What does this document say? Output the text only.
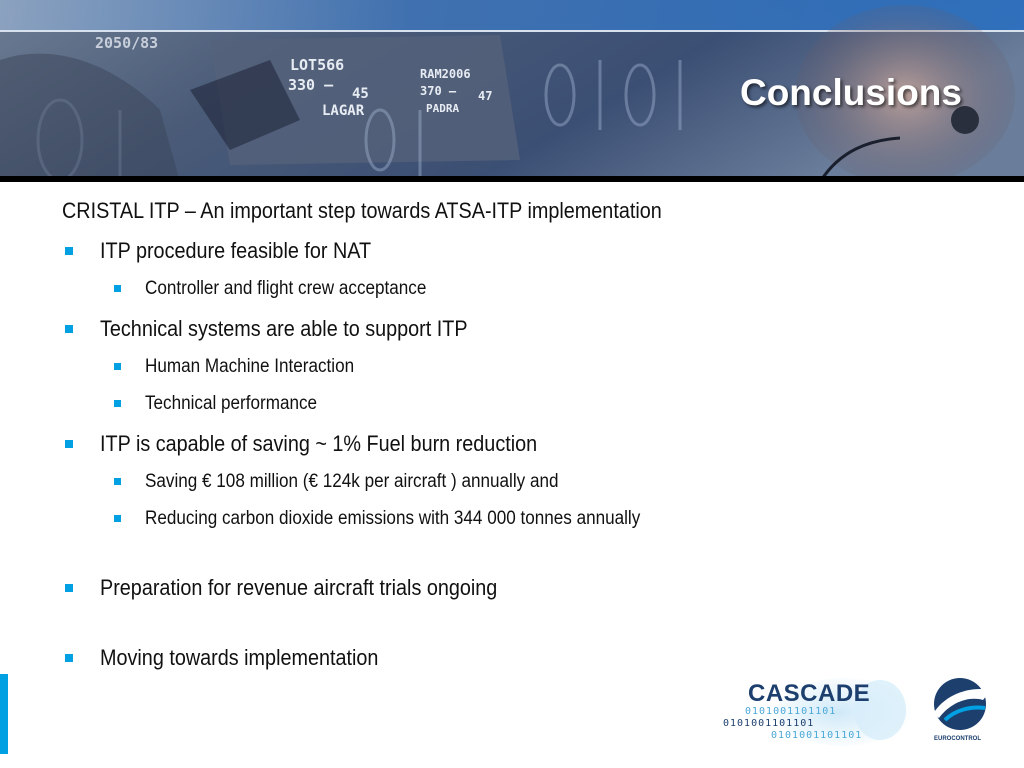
LOT566
330 – 45
LAGAR
RAM2006
370 – 47
PADRA
2050/83
Conclusions
CRISTAL ITP – An important step towards ATSA-ITP implementation
ITP procedure feasible for NAT
Controller and flight crew acceptance
Technical systems are able to support ITP
Human Machine Interaction
Technical performance
ITP is capable of saving ~ 1% Fuel burn reduction
Saving € 108 million (€ 124k per aircraft ) annually and
Reducing carbon dioxide emissions with 344 000 tonnes annually
Preparation for revenue aircraft trials ongoing
Moving towards implementation
CASCADE
0101001101101
0101001101101
0101001101101	EUROCONTROL
